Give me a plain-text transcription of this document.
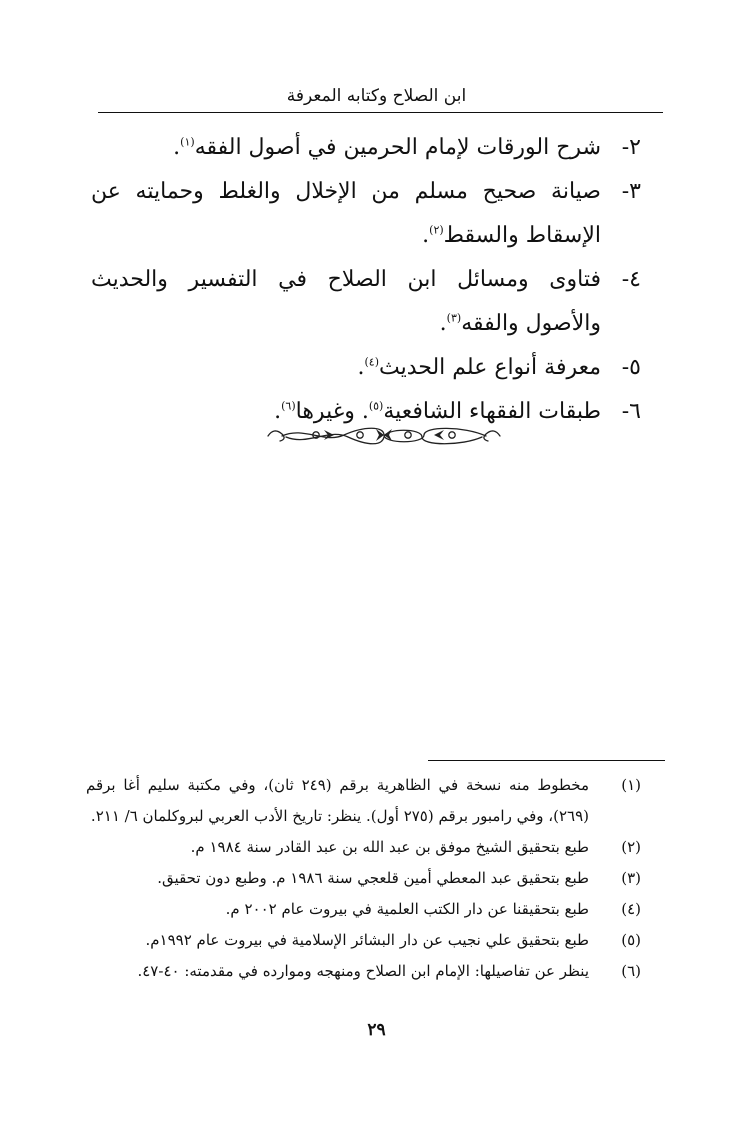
ابن الصلاح وكتابه المعرفة
٢-
شرح الورقات لإمام الحرمين في أصول الفقه$^{(١)}$.
٣-
صيانة صحيح مسلم من الإخلال والغلط وحمايته عن الإسقاط والسقط$^{(٢)}$.
٤-
فتاوى ومسائل ابن الصلاح في التفسير والحديث والأصول والفقه$^{(٣)}$.
٥-
معرفة أنواع علم الحديث$^{(٤)}$.
٦-
طبقات الفقهاء الشافعية$^{(٥)}$. وغيرها$^{(٦)}$.
(١)
مخطوط منه نسخة في الظاهرية برقم (٢٤٩ ثان)، وفي مكتبة سليم أغا برقم (٢٦٩)، وفي رامبور برقم (٢٧٥ أول). ينظر: تاريخ الأدب العربي لبروكلمان ٦/ ٢١١.
(٢)
طبع بتحقيق الشيخ موفق بن عبد الله بن عبد القادر سنة ١٩٨٤ م.
(٣)
طبع بتحقيق عبد المعطي أمين قلعجي سنة ١٩٨٦ م. وطبع دون تحقيق.
(٤)
طبع بتحقيقنا عن دار الكتب العلمية في بيروت عام ٢٠٠٢ م.
(٥)
طبع بتحقيق علي نجيب عن دار البشائر الإسلامية في بيروت عام ١٩٩٢م.
(٦)
ينظر عن تفاصيلها: الإمام ابن الصلاح ومنهجه وموارده في مقدمته: ٤٠-٤٧.
٢٩
